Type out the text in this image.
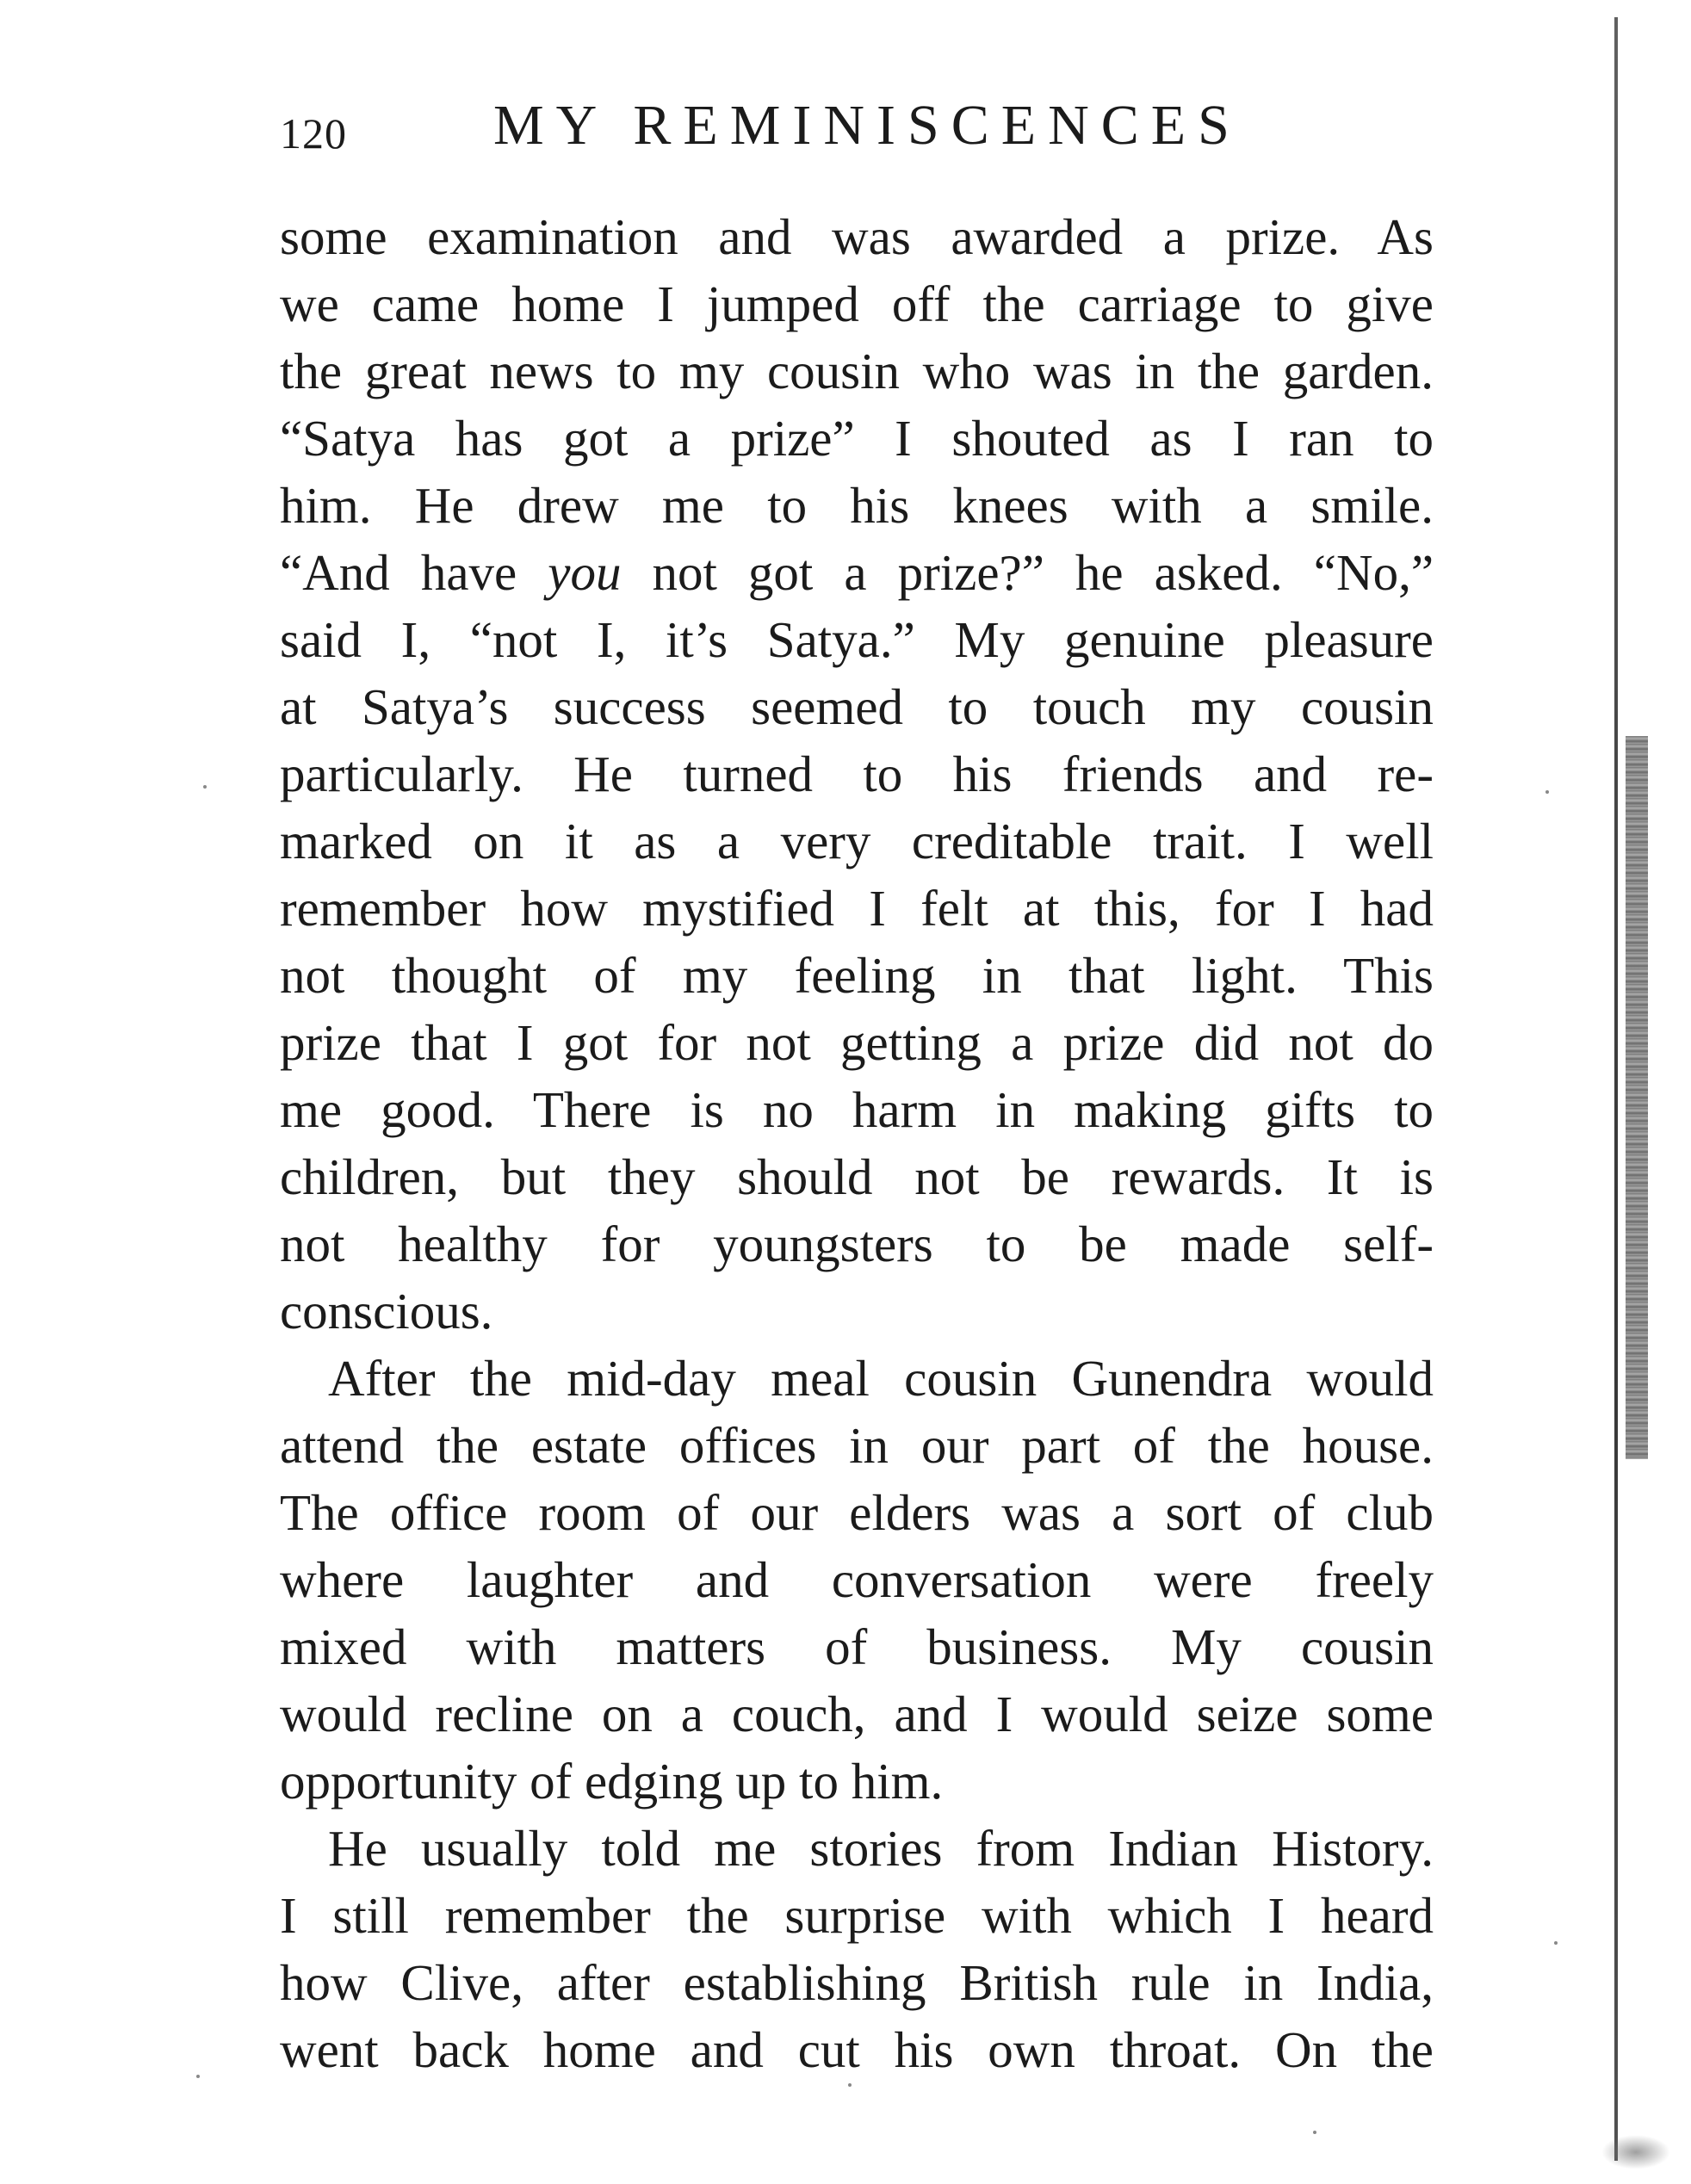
120	MY REMINISCENCES
some examination and was awarded a prize. As
we came home I jumped off the carriage to give
the great news to my cousin who was in the garden.
“Satya has got a prize” I shouted as I ran to
him. He drew me to his knees with a smile.
“And have you not got a prize?” he asked. “No,”
said I, “not I, it’s Satya.” My genuine pleasure
at Satya’s success seemed to touch my cousin
particularly. He turned to his friends and re-
marked on it as a very creditable trait. I well
remember how mystified I felt at this, for I had
not thought of my feeling in that light. This
prize that I got for not getting a prize did not do
me good. There is no harm in making gifts to
children, but they should not be rewards. It is
not healthy for youngsters to be made self-
conscious.
After the mid-day meal cousin Gunendra would
attend the estate offices in our part of the house.
The office room of our elders was a sort of club
where laughter and conversation were freely
mixed with matters of business. My cousin
would recline on a couch, and I would seize some
opportunity of edging up to him.
He usually told me stories from Indian History.
I still remember the surprise with which I heard
how Clive, after establishing British rule in India,
went back home and cut his own throat. On the
